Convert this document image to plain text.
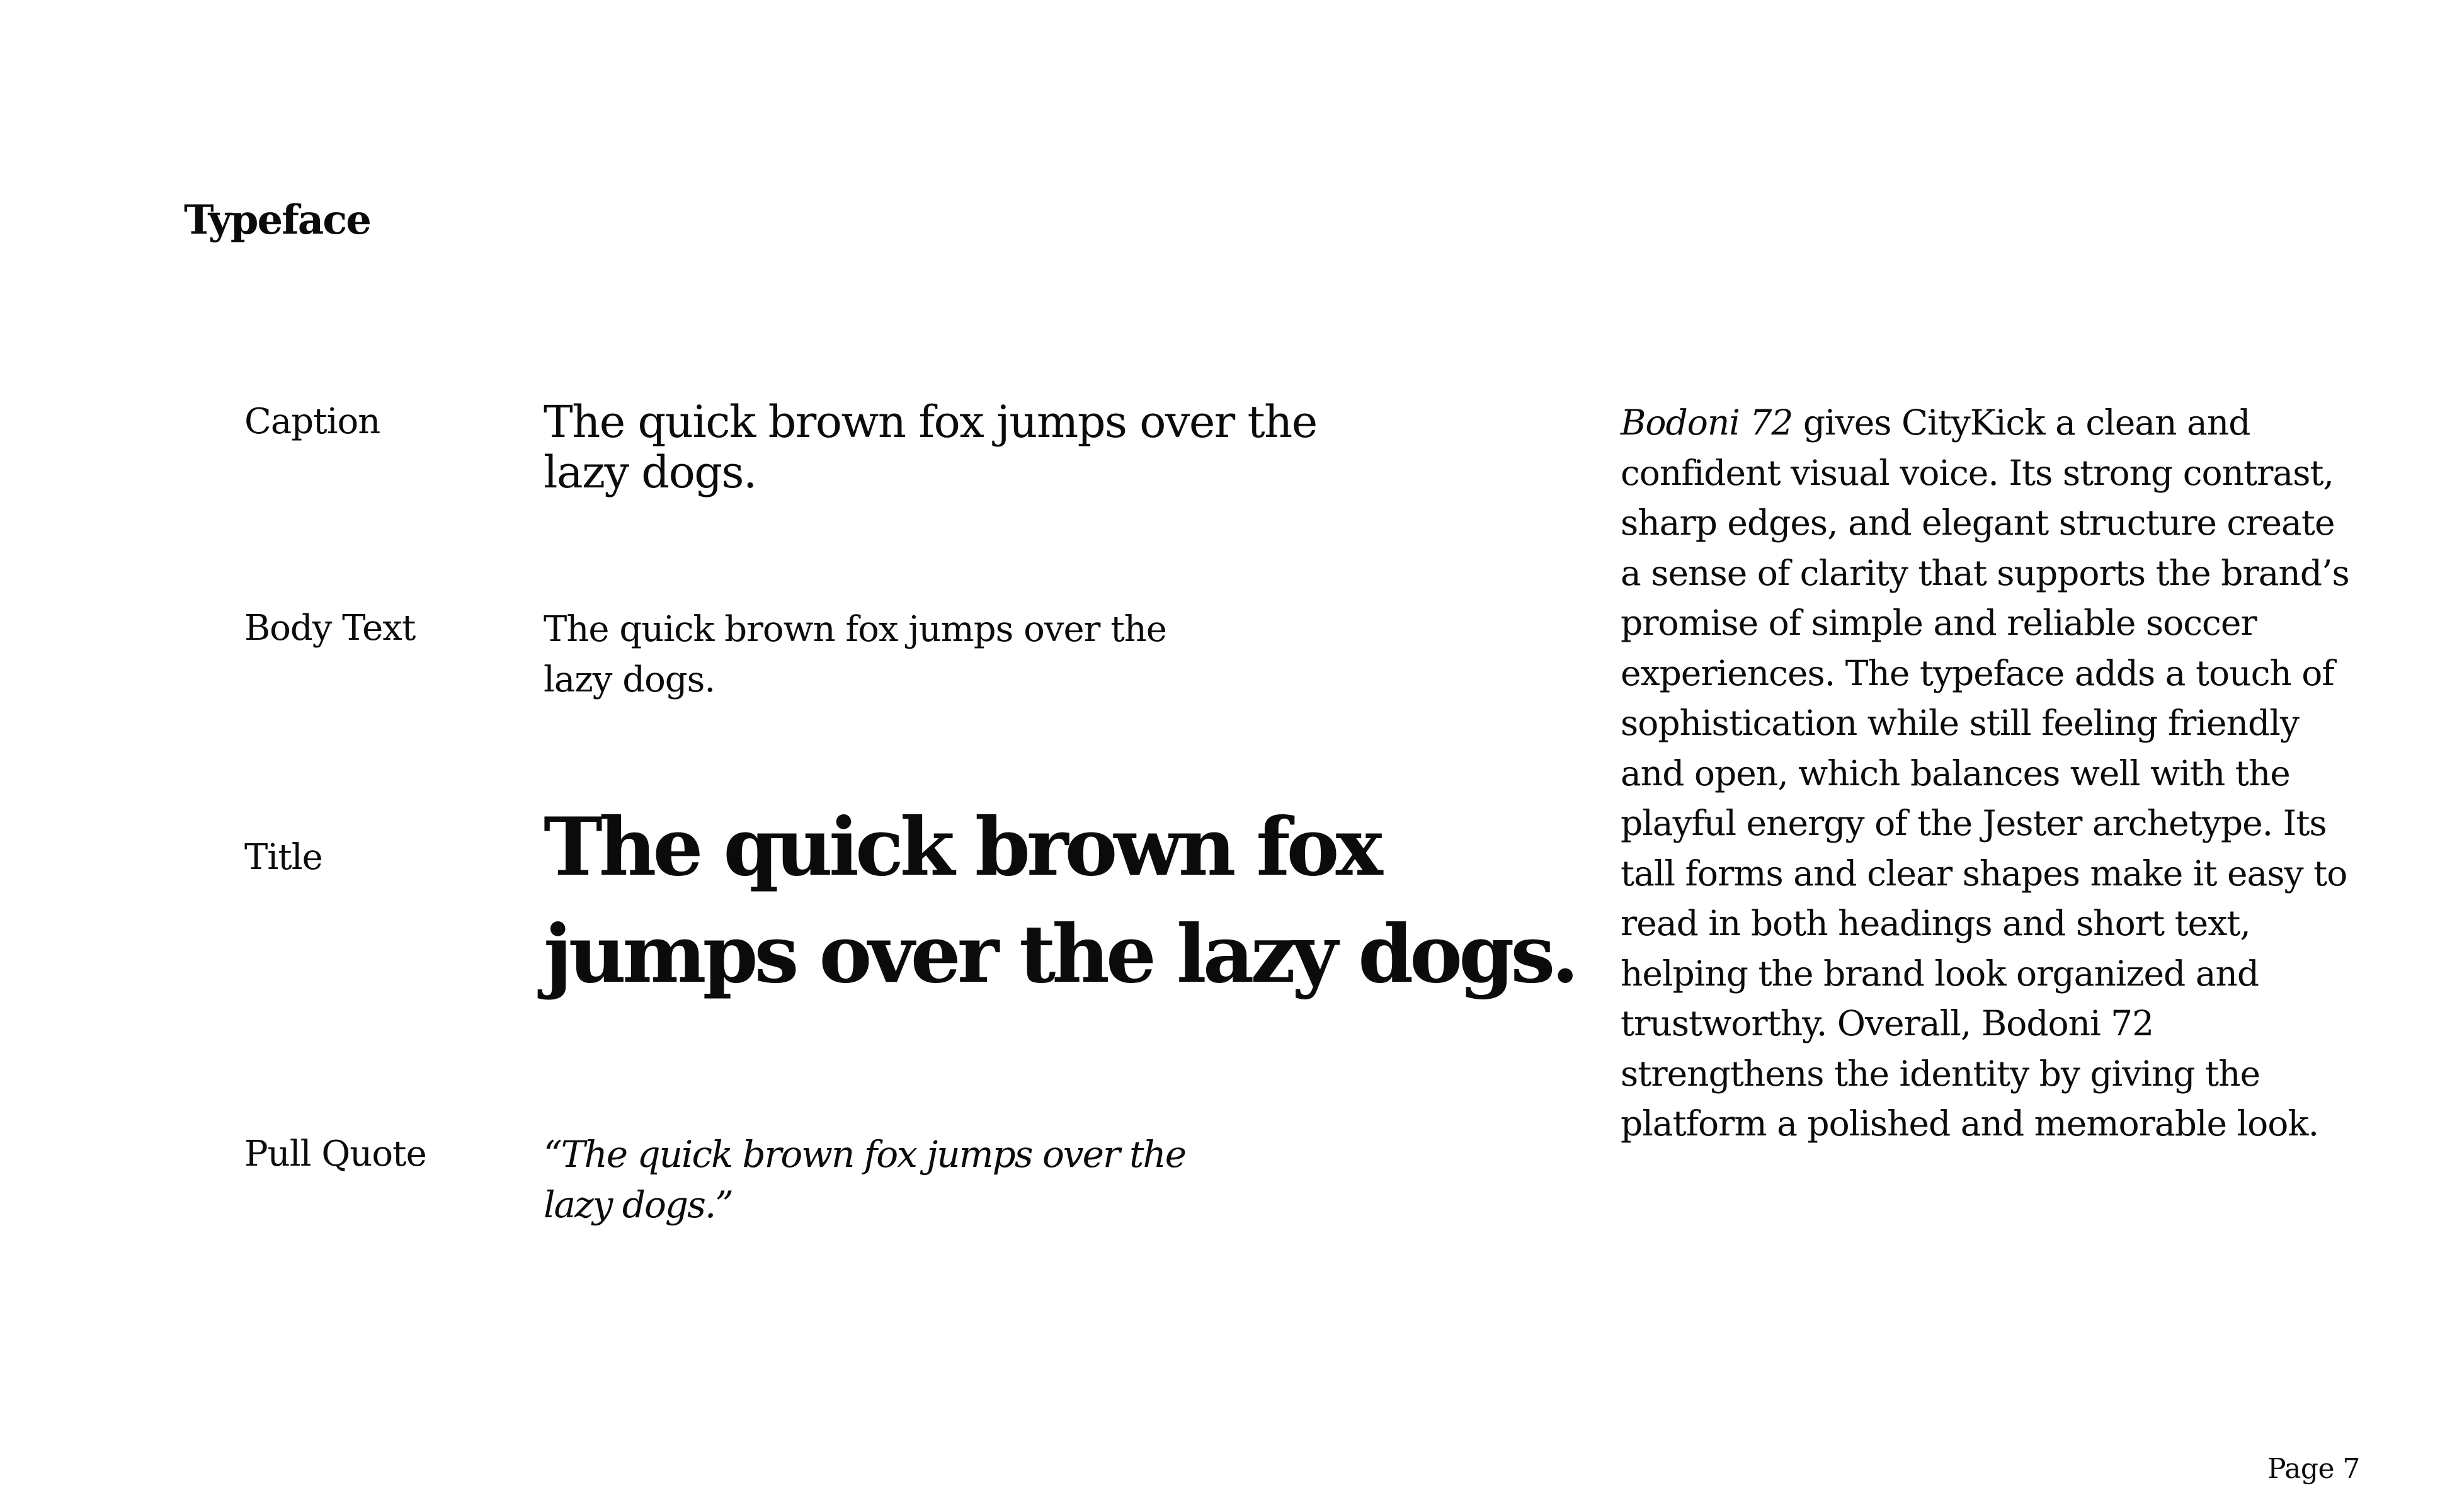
Typeface

Caption	The quick brown fox jumps over the lazy dogs.

Body Text	The quick brown fox jumps over the lazy dogs.

Title	The quick brown fox jumps over the lazy dogs.

Pull Quote	“The quick brown fox jumps over the lazy dogs.”

Bodoni 72 gives CityKick a clean and confident visual voice. Its strong contrast, sharp edges, and elegant structure create a sense of clarity that supports the brand’s promise of simple and reliable soccer experiences. The typeface adds a touch of sophistication while still feeling friendly and open, which balances well with the playful energy of the Jester archetype. Its tall forms and clear shapes make it easy to read in both headings and short text, helping the brand look organized and trustworthy. Overall, Bodoni 72 strengthens the identity by giving the platform a polished and memorable look.

Page 7
